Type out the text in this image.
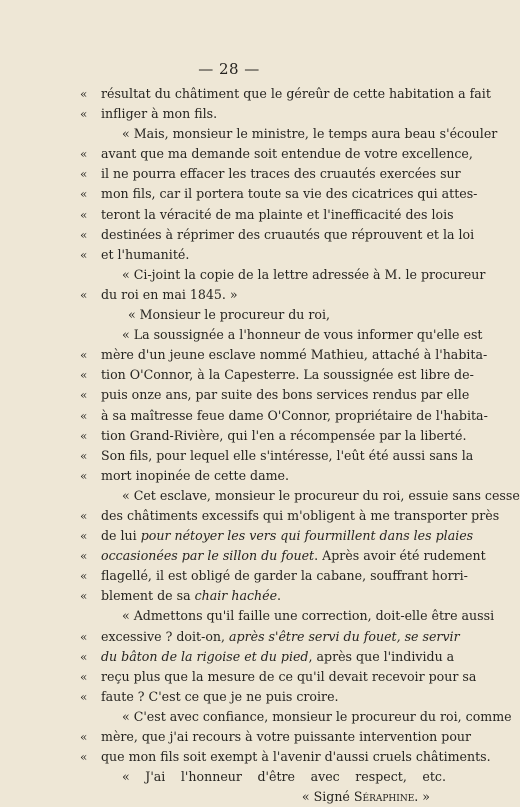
— 28 —
«	résultat du châtiment que le géreûr de cette habitation a fait
«	infliger à mon fils.
« Mais, monsieur le ministre, le temps aura beau s'écouler
«	avant que ma demande soit entendue de votre excellence,
«	il ne pourra effacer les traces des cruautés exercées sur
«	mon fils, car il portera toute sa vie des cicatrices qui attes-
«	teront la véracité de ma plainte et l'inefficacité des lois
«	destinées à réprimer des cruautés que réprouvent et la loi
«	et l'humanité.
« Ci-joint la copie de la lettre adressée à M. le procureur
«	du roi en mai 1845. »
« Monsieur le procureur du roi,
« La soussignée a l'honneur de vous informer qu'elle est
«	mère d'un jeune esclave nommé Mathieu, attaché à l'habita-
«	tion O'Connor, à la Capesterre. La soussignée est libre de-
«	puis onze ans, par suite des bons services rendus par elle
«	à sa maîtresse feue dame O'Connor, propriétaire de l'habita-
«	tion Grand-Rivière, qui l'en a récompensée par la liberté.
«	Son fils, pour lequel elle s'intéresse, l'eût été aussi sans la
«	mort inopinée de cette dame.
« Cet esclave, monsieur le procureur du roi, essuie sans cesse
«	des châtiments excessifs qui m'obligent à me transporter près
«	de lui pour nétoyer les vers qui fourmillent dans les plaies
«	occasionées par le sillon du fouet. Après avoir été rudement
«	flagellé, il est obligé de garder la cabane, souffrant horri-
«	blement de sa chair hachée.
« Admettons qu'il faille une correction, doit-elle être aussi
«	excessive ? doit-on, après s'être servi du fouet, se servir
«	du bâton de la rigoise et du pied, après que l'individu a
«	reçu plus que la mesure de ce qu'il devait recevoir pour sa
«	faute ? C'est ce que je ne puis croire.
« C'est avec confiance, monsieur le procureur du roi, comme
«	mère, que j'ai recours à votre puissante intervention pour
«	que mon fils soit exempt à l'avenir d'aussi cruels châtiments.
« J'ai l'honneur d'être avec respect, etc.
« Signé Séraphine. »
